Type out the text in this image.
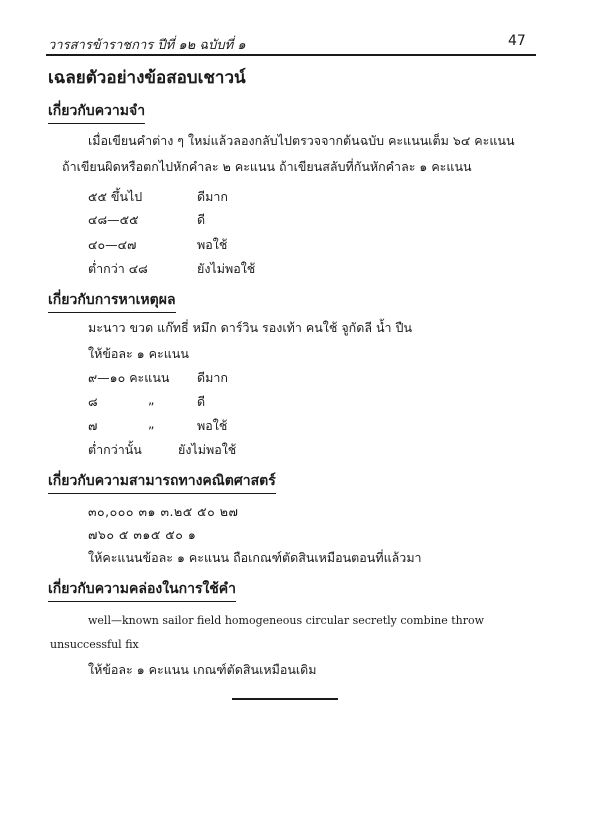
วารสารข้าราชการ ปีที่ ๑๒ ฉบับที่ ๑	47
เฉลยตัวอย่างข้อสอบเชาวน์
เกี่ยวกับความจำ
เมื่อเขียนคำต่าง ๆ ใหม่แล้วลองกลับไปตรวจจากต้นฉบับ คะแนนเต็ม ๖๔ คะแนน
ถ้าเขียนผิดหรือตกไปหักคำละ ๒ คะแนน ถ้าเขียนสลับที่กันหักคำละ ๑ คะแนน
๕๕ ขึ้นไป	ดีมาก
๔๘—๕๕	ดี
๔๐—๔๗	พอใช้
ต่ำกว่า ๔๘	ยังไม่พอใช้
เกี่ยวกับการหาเหตุผล
มะนาว ขวด แก๊ทธี่ หมึก ดาร์วิน รองเท้า คนใช้ จูกัดลี น้ำ ปืน
ให้ข้อละ ๑ คะแนน
๙—๑๐ คะแนน ดีมาก
๘	„	ดี
๗	„	พอใช้
ต่ำกว่านั้น	ยังไม่พอใช้
เกี่ยวกับความสามารถทางคณิตศาสตร์
๓๐,๐๐๐ ๓๑ ๓.๒๕ ๕๐ ๒๗
๗๖๐ ๕ ๓๑๕ ๕๐ ๑
ให้คะแนนข้อละ ๑ คะแนน ถือเกณฑ์ตัดสินเหมือนตอนที่แล้วมา
เกี่ยวกับความคล่องในการใช้คำ
well—known sailor field homogeneous circular secretly combine throw
unsuccessful fix
ให้ข้อละ ๑ คะแนน เกณฑ์ตัดสินเหมือนเดิม
